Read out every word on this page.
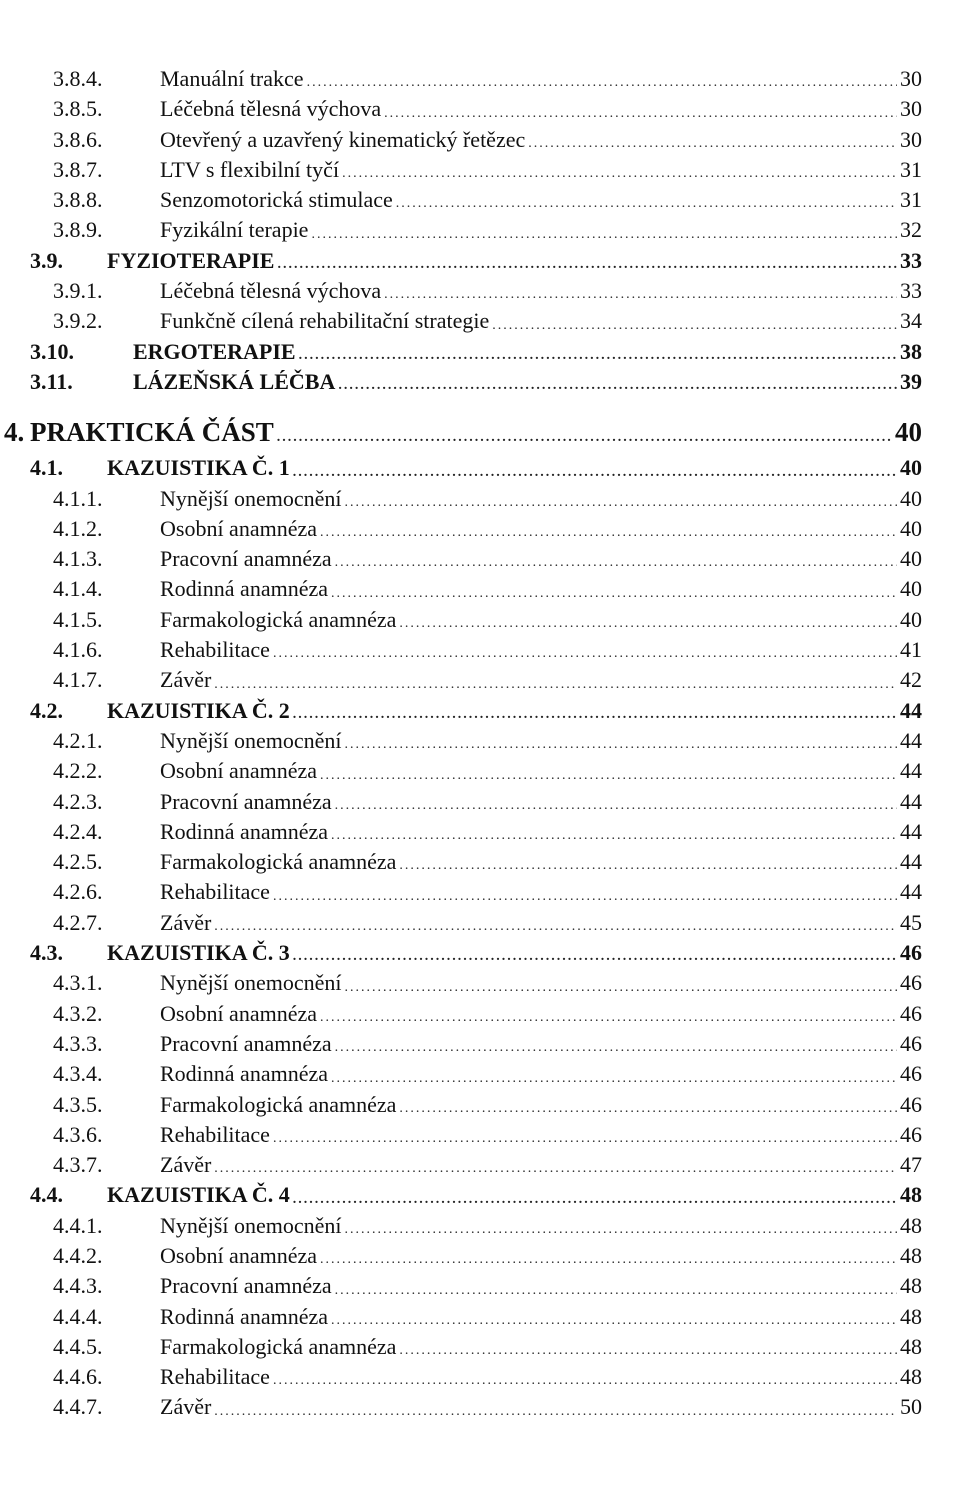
3.8.4.	Manuální trakce .....	30
3.8.5.	Léčebná tělesná výchova .....	30
3.8.6.	Otevřený a uzavřený kinematický řetězec .....	30
3.8.7.	LTV s flexibilní tyčí .....	31
3.8.8.	Senzomotorická stimulace .....	31
3.8.9.	Fyzikální terapie .....	32
3.9. FYZIOTERAPIE .....	33
3.9.1.	Léčebná tělesná výchova .....	33
3.9.2.	Funkčně cílená rehabilitační strategie .....	34
3.10.	ERGOTERAPIE .....	38
3.11.	LÁZEŇSKÁ LÉČBA .....	39
4. PRAKTICKÁ ČÁST .....	40
4.1. KAZUISTIKA Č. 1 .....	40
4.1.1.	Nynější onemocnění .....	40
4.1.2.	Osobní anamnéza .....	40
4.1.3.	Pracovní anamnéza .....	40
4.1.4.	Rodinná anamnéza .....	40
4.1.5.	Farmakologická anamnéza .....	40
4.1.6.	Rehabilitace .....	41
4.1.7.	Závěr .....	42
4.2. KAZUISTIKA Č. 2 .....	44
4.2.1.	Nynější onemocnění .....	44
4.2.2.	Osobní anamnéza .....	44
4.2.3.	Pracovní anamnéza .....	44
4.2.4.	Rodinná anamnéza .....	44
4.2.5.	Farmakologická anamnéza .....	44
4.2.6.	Rehabilitace .....	44
4.2.7.	Závěr .....	45
4.3. KAZUISTIKA Č. 3 .....	46
4.3.1.	Nynější onemocnění .....	46
4.3.2.	Osobní anamnéza .....	46
4.3.3.	Pracovní anamnéza .....	46
4.3.4.	Rodinná anamnéza .....	46
4.3.5.	Farmakologická anamnéza .....	46
4.3.6.	Rehabilitace .....	46
4.3.7.	Závěr .....	47
4.4. KAZUISTIKA Č. 4 .....	48
4.4.1.	Nynější onemocnění .....	48
4.4.2.	Osobní anamnéza .....	48
4.4.3.	Pracovní anamnéza .....	48
4.4.4.	Rodinná anamnéza .....	48
4.4.5.	Farmakologická anamnéza .....	48
4.4.6.	Rehabilitace .....	48
4.4.7.	Závěr .....	50
